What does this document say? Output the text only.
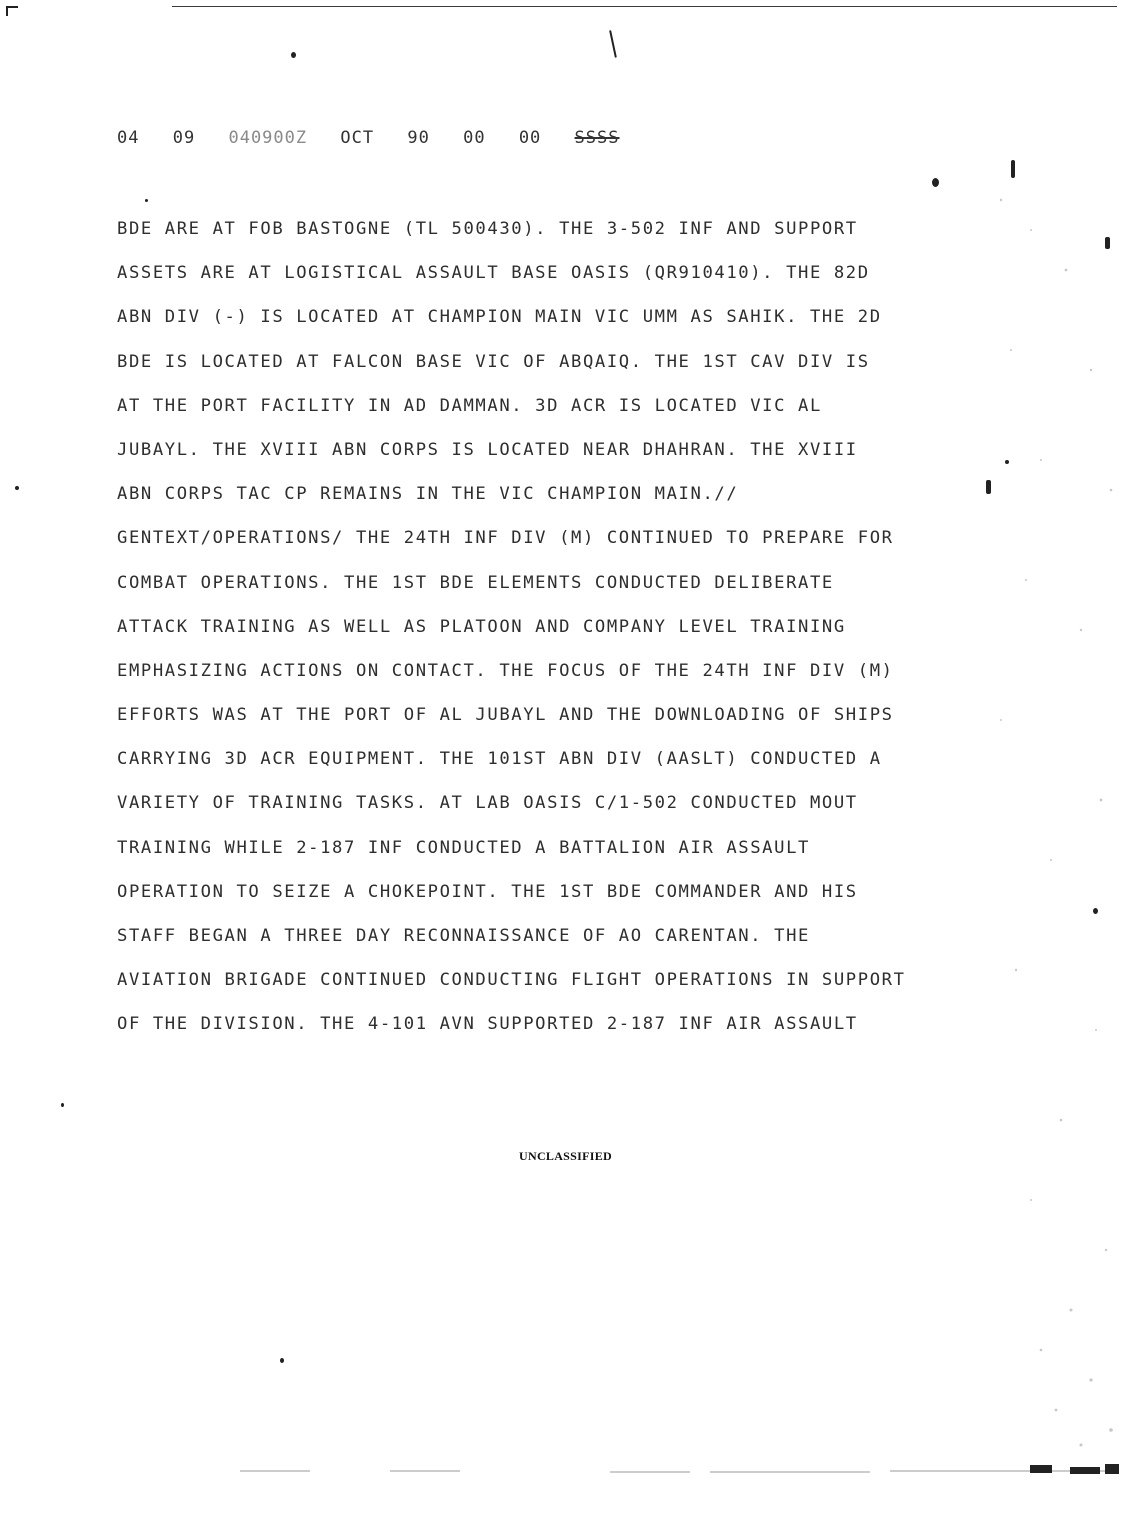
04 09 040900Z OCT 90 00 00 SSSS
BDE ARE AT FOB BASTOGNE (TL 500430). THE 3-502 INF AND SUPPORT
ASSETS ARE AT LOGISTICAL ASSAULT BASE OASIS (QR910410). THE 82D
ABN DIV (-) IS LOCATED AT CHAMPION MAIN VIC UMM AS SAHIK. THE 2D
BDE IS LOCATED AT FALCON BASE VIC OF ABQAIQ. THE 1ST CAV DIV IS
AT THE PORT FACILITY IN AD DAMMAN. 3D ACR IS LOCATED VIC AL
JUBAYL. THE XVIII ABN CORPS IS LOCATED NEAR DHAHRAN. THE XVIII
ABN CORPS TAC CP REMAINS IN THE VIC CHAMPION MAIN.//
GENTEXT/OPERATIONS/ THE 24TH INF DIV (M) CONTINUED TO PREPARE FOR
COMBAT OPERATIONS. THE 1ST BDE ELEMENTS CONDUCTED DELIBERATE
ATTACK TRAINING AS WELL AS PLATOON AND COMPANY LEVEL TRAINING
EMPHASIZING ACTIONS ON CONTACT. THE FOCUS OF THE 24TH INF DIV (M)
EFFORTS WAS AT THE PORT OF AL JUBAYL AND THE DOWNLOADING OF SHIPS
CARRYING 3D ACR EQUIPMENT. THE 101ST ABN DIV (AASLT) CONDUCTED A
VARIETY OF TRAINING TASKS. AT LAB OASIS C/1-502 CONDUCTED MOUT
TRAINING WHILE 2-187 INF CONDUCTED A BATTALION AIR ASSAULT
OPERATION TO SEIZE A CHOKEPOINT. THE 1ST BDE COMMANDER AND HIS
STAFF BEGAN A THREE DAY RECONNAISSANCE OF AO CARENTAN. THE
AVIATION BRIGADE CONTINUED CONDUCTING FLIGHT OPERATIONS IN SUPPORT
OF THE DIVISION. THE 4-101 AVN SUPPORTED 2-187 INF AIR ASSAULT
UNCLASSIFIED
